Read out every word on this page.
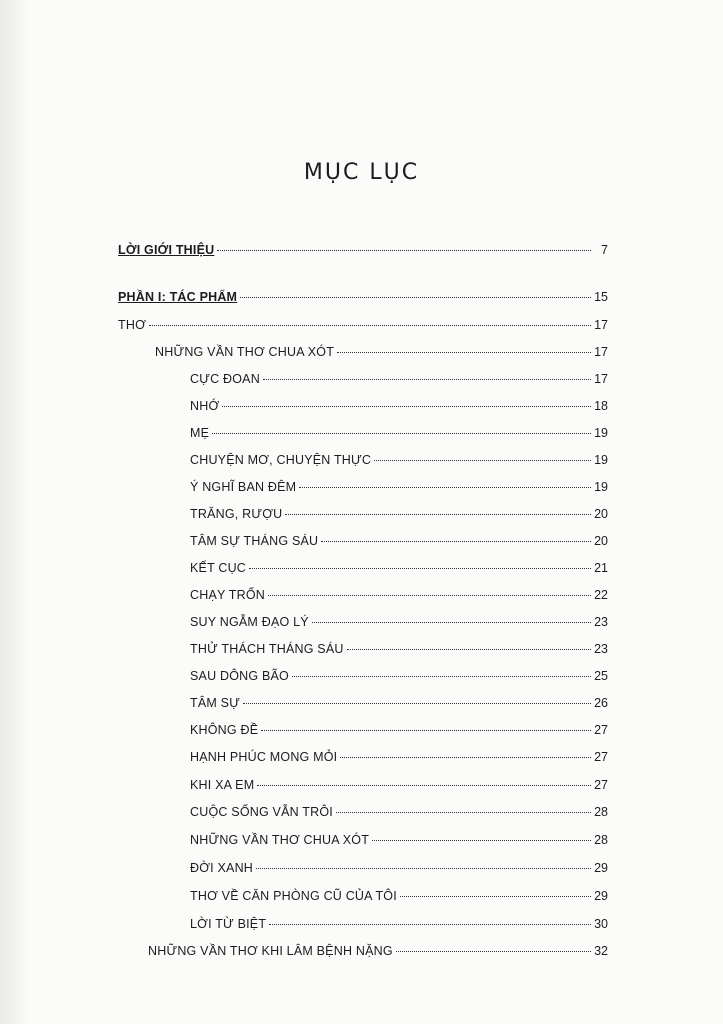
MỤC LỤC
LỜI GIỚI THIỆU	7
PHẦN I: TÁC PHẨM	15
THƠ	17
NHỮNG VẦN THƠ CHUA XÓT	17
CỰC ĐOAN	17
NHỚ	18
MẸ	19
CHUYỆN MƠ, CHUYỆN THỰC	19
Ý NGHĨ BAN ĐÊM	19
TRĂNG, RƯỢU	20
TÂM SỰ THÁNG SÁU	20
KẾT CỤC	21
CHẠY TRỐN	22
SUY NGẪM ĐẠO LÝ	23
THỬ THÁCH THÁNG SÁU	23
SAU DÔNG BÃO	25
TÂM SỰ	26
KHÔNG ĐỀ	27
HẠNH PHÚC MONG MỎI	27
KHI XA EM	27
CUỘC SỐNG VẪN TRÔI	28
NHỮNG VẦN THƠ CHUA XÓT	28
ĐỜI XANH	29
THƠ VỀ CĂN PHÒNG CŨ CỦA TÔI	29
LỜI TỪ BIỆT	30
NHỮNG VẦN THƠ KHI LÂM BỆNH NẶNG	32
